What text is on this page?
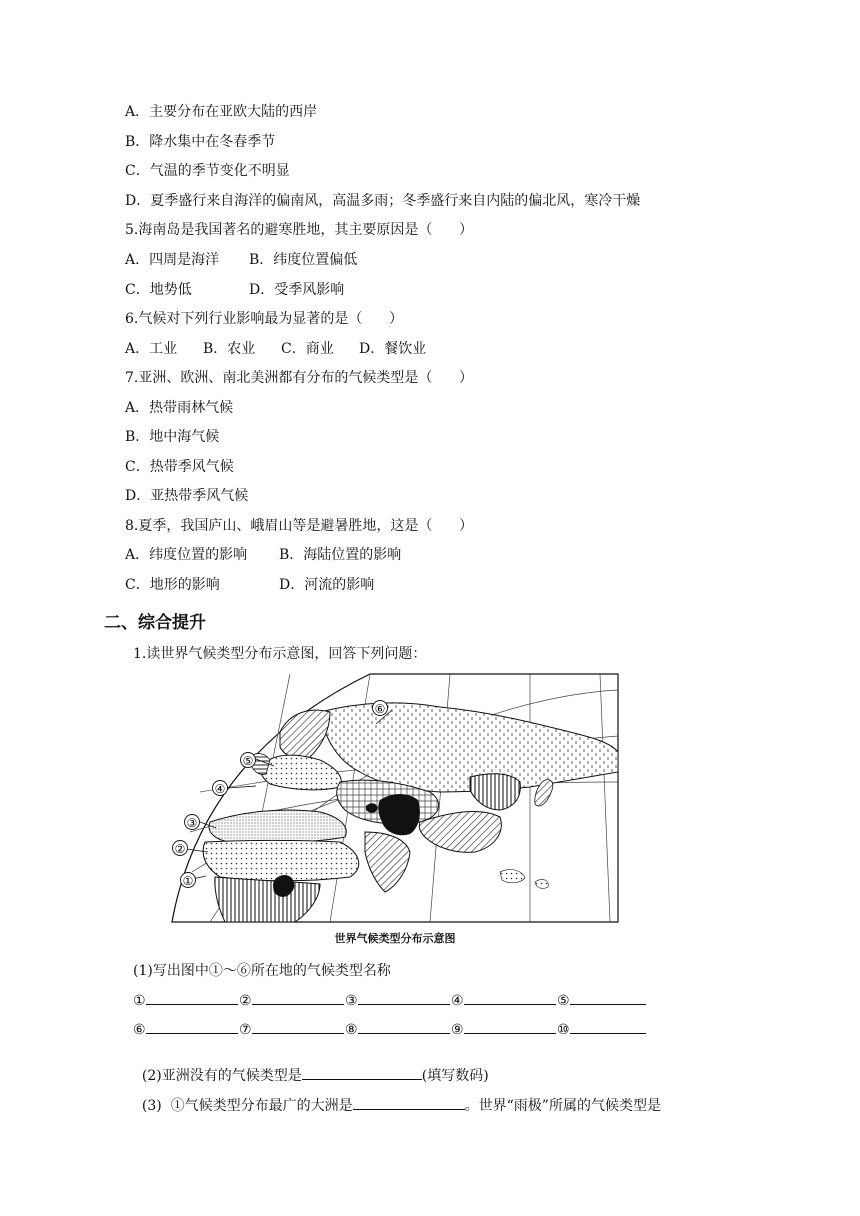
A．主要分布在亚欧大陆的西岸
B．降水集中在冬春季节
C．气温的季节变化不明显
D．夏季盛行来自海洋的偏南风，高温多雨；冬季盛行来自内陆的偏北风，寒冷干燥
5.海南岛是我国著名的避寒胜地，其主要原因是（      ）
A．四周是海洋 B．纬度位置偏低
C．地势低	D．受季风影响
6.气候对下列行业影响最为显著的是（      ）
A．工业 B．农业 C．商业 D．餐饮业
7.亚洲、欧洲、南北美洲都有分布的气候类型是（      ）
A．热带雨林气候
B．地中海气候
C．热带季风气候
D．亚热带季风气候
8.夏季，我国庐山、峨眉山等是避暑胜地，这是（      ）
A．纬度位置的影响 B．海陆位置的影响
C．地形的影响	D．河流的影响
二、综合提升
1.读世界气候类型分布示意图，回答下列问题：
⑥
⑤
④
③
②
①
世界气候类型分布示意图
(1)写出图中①～⑥所在地的气候类型名称
①	②	③	④	⑤
⑥	⑦	⑧	⑨	⑩

(2)亚洲没有的气候类型是	(填写数码)

(3)  ①气候类型分布最广的大洲是	。世界“雨极”所属的气候类型是
